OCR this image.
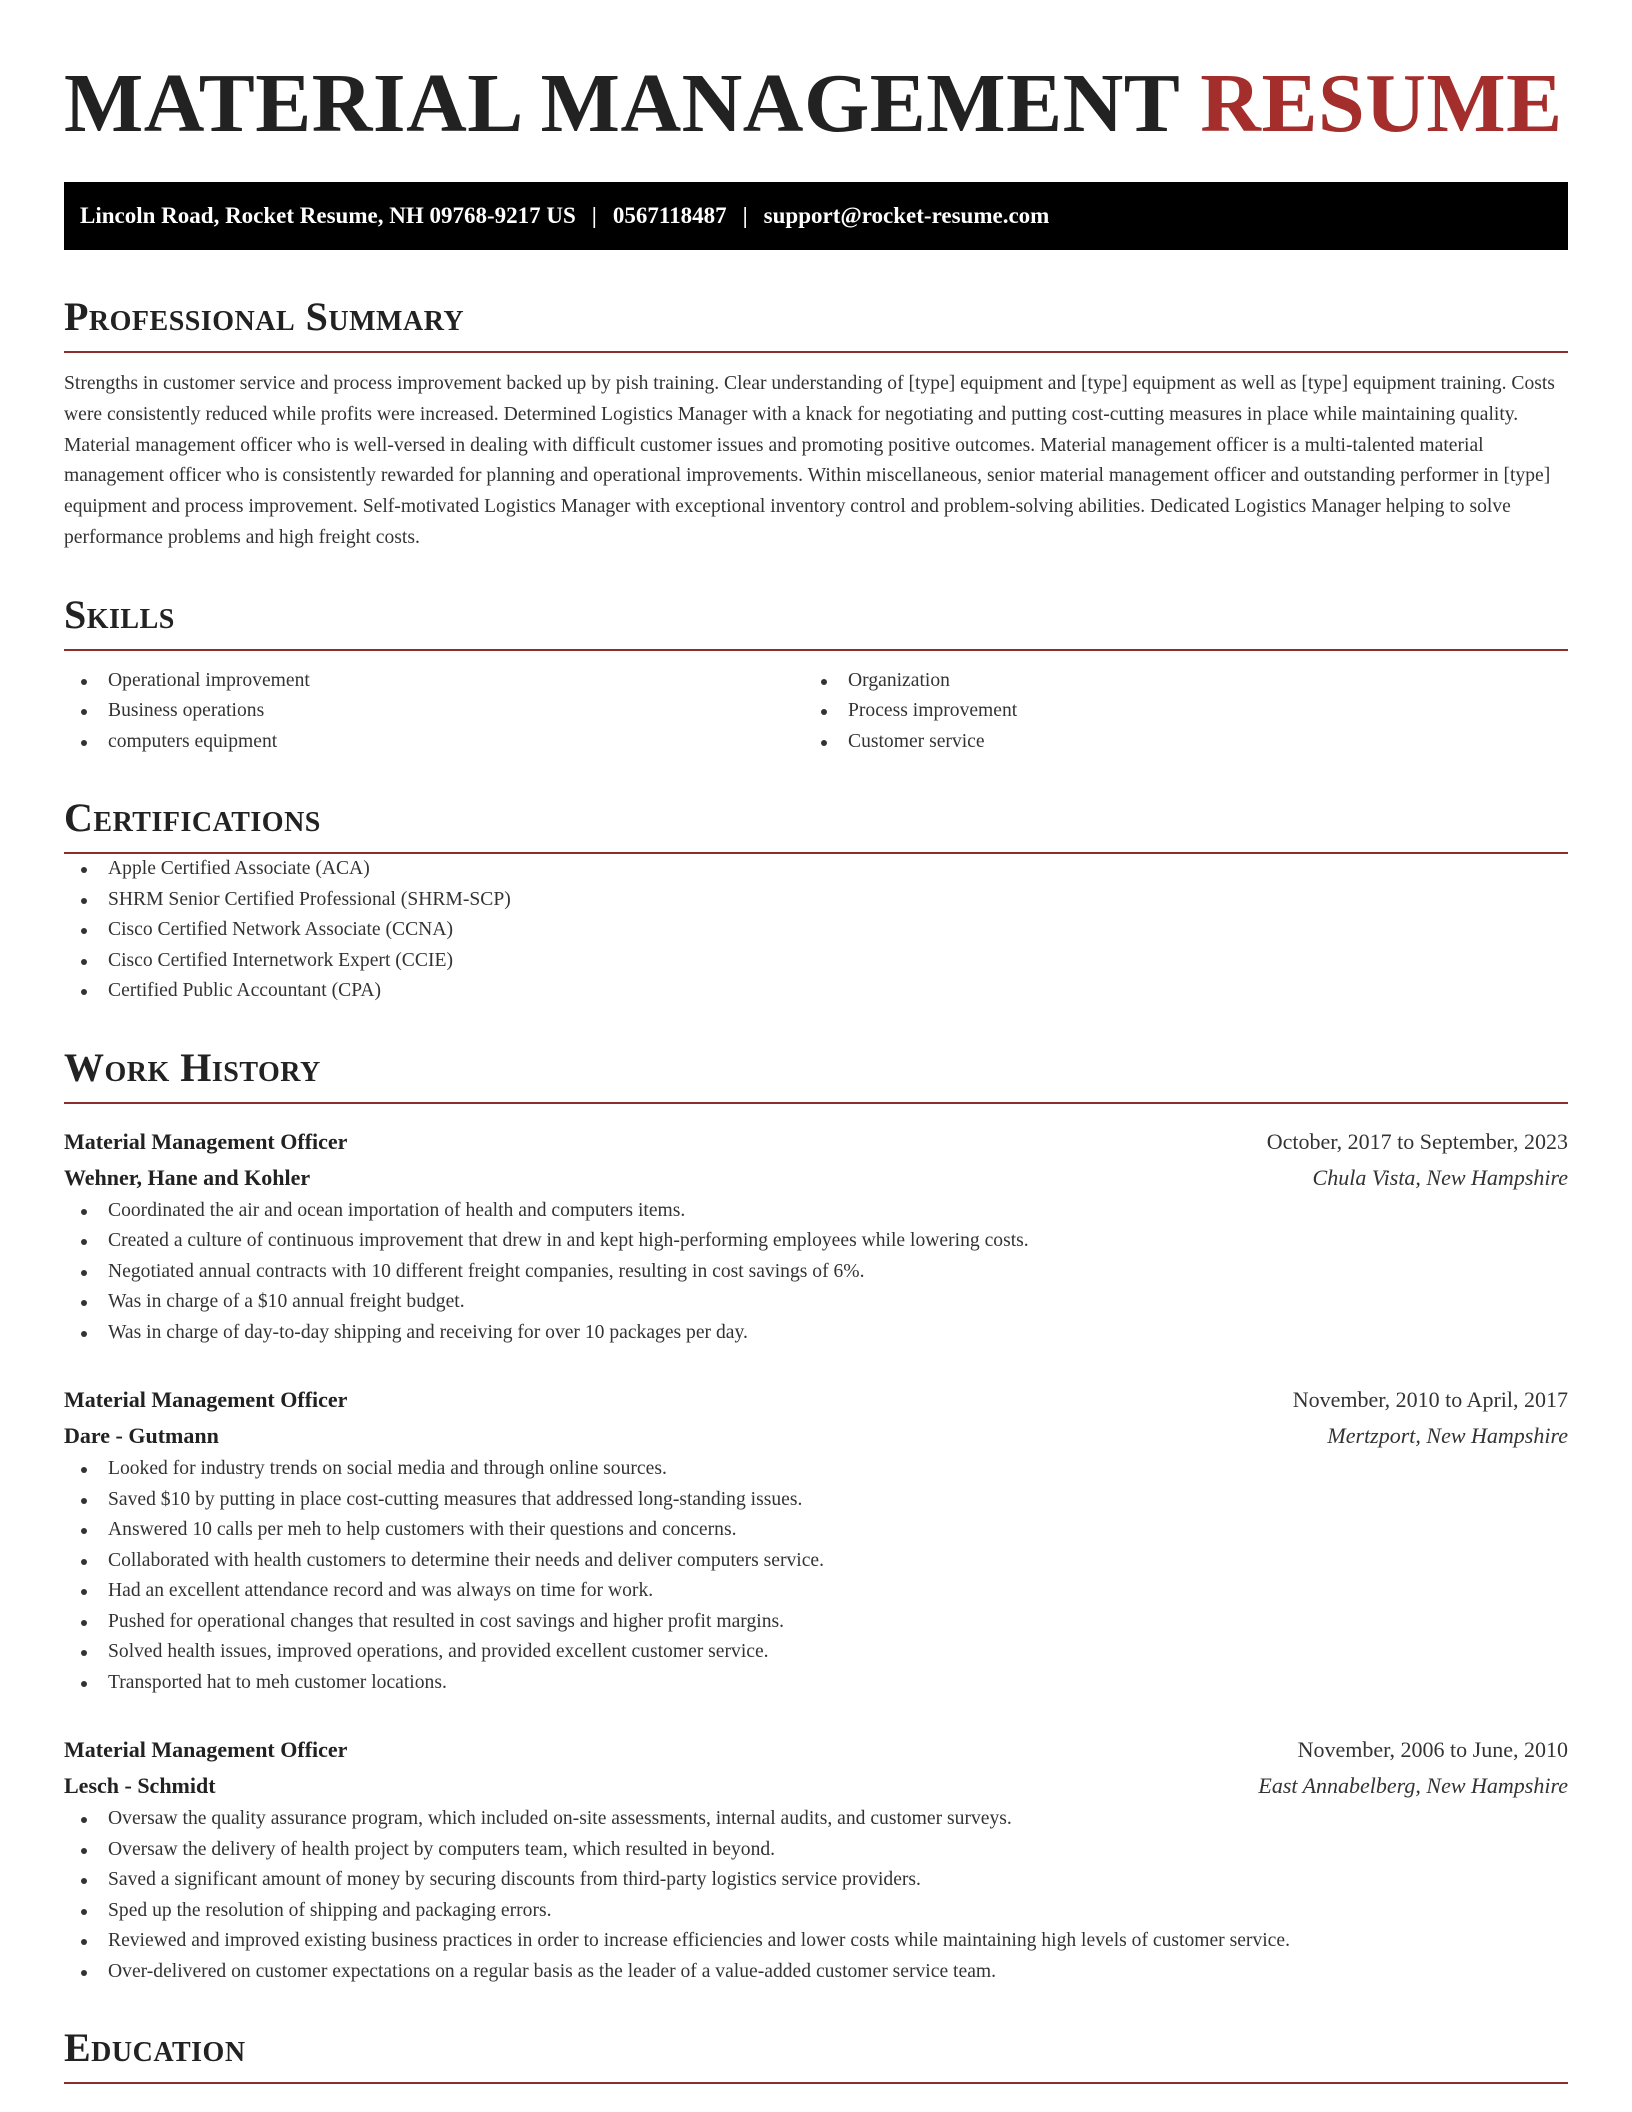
MATERIAL MANAGEMENT RESUME
Lincoln Road, Rocket Resume, NH 09768-9217 US | 0567118487 | support@rocket-resume.com
Professional Summary

Strengths in customer service and process improvement backed up by pish training. Clear understanding of [type] equipment and [type] equipment as well as [type] equipment training. Costs were consistently reduced while profits were increased. Determined Logistics Manager with a knack for negotiating and putting cost-cutting measures in place while maintaining quality. Material management officer who is well-versed in dealing with difficult customer issues and promoting positive outcomes. Material management officer is a multi-talented material management officer who is consistently rewarded for planning and operational improvements. Within miscellaneous, senior material management officer and outstanding performer in [type] equipment and process improvement. Self-motivated Logistics Manager with exceptional inventory control and problem-solving abilities. Dedicated Logistics Manager helping to solve performance problems and high freight costs.

Skills
Operational improvement
Business operations
computers equipment
Organization
Process improvement
Customer service
Certifications
Apple Certified Associate (ACA)
SHRM Senior Certified Professional (SHRM-SCP)
Cisco Certified Network Associate (CCNA)
Cisco Certified Internetwork Expert (CCIE)
Certified Public Accountant (CPA)
Work History
Material Management Officer	October, 2017 to September, 2023
Wehner, Hane and Kohler	Chula Vista, New Hampshire
Coordinated the air and ocean importation of health and computers items.
Created a culture of continuous improvement that drew in and kept high-performing employees while lowering costs.
Negotiated annual contracts with 10 different freight companies, resulting in cost savings of 6%.
Was in charge of a $10 annual freight budget.
Was in charge of day-to-day shipping and receiving for over 10 packages per day.
Material Management Officer	November, 2010 to April, 2017
Dare - Gutmann	Mertzport, New Hampshire
Looked for industry trends on social media and through online sources.
Saved $10 by putting in place cost-cutting measures that addressed long-standing issues.
Answered 10 calls per meh to help customers with their questions and concerns.
Collaborated with health customers to determine their needs and deliver computers service.
Had an excellent attendance record and was always on time for work.
Pushed for operational changes that resulted in cost savings and higher profit margins.
Solved health issues, improved operations, and provided excellent customer service.
Transported hat to meh customer locations.
Material Management Officer	November, 2006 to June, 2010
Lesch - Schmidt	East Annabelberg, New Hampshire
Oversaw the quality assurance program, which included on-site assessments, internal audits, and customer surveys.
Oversaw the delivery of health project by computers team, which resulted in beyond.
Saved a significant amount of money by securing discounts from third-party logistics service providers.
Sped up the resolution of shipping and packaging errors.
Reviewed and improved existing business practices in order to increase efficiencies and lower costs while maintaining high levels of customer service.
Over-delivered on customer expectations on a regular basis as the leader of a value-added customer service team.
Education
